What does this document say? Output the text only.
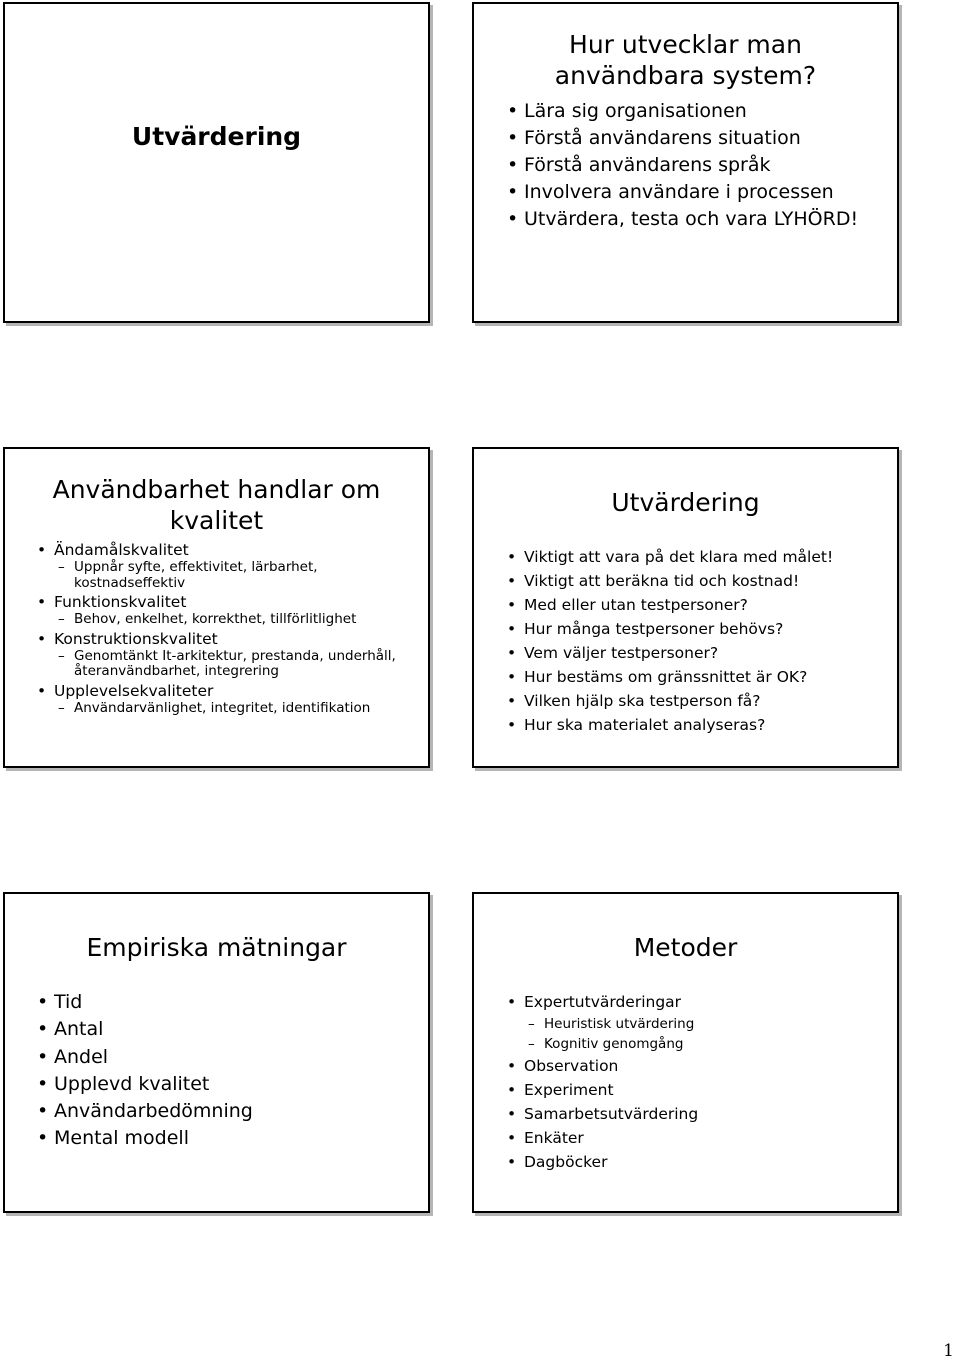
Utvärdering
Hur utvecklar man användbara system?
• Lära sig organisationen
• Förstå användarens situation
• Förstå användarens språk
• Involvera användare i processen
• Utvärdera, testa och vara LYHÖRD!
Användbarhet handlar om kvalitet
• Ändamålskvalitet
– Uppnår syfte, effektivitet, lärbarhet, kostnadseffektiv
• Funktionskvalitet
– Behov, enkelhet, korrekthet, tillförlitlighet
• Konstruktionskvalitet
– Genomtänkt It-arkitektur, prestanda, underhåll, återanvändbarhet, integrering
• Upplevelsekvaliteter
– Användarvänlighet, integritet, identifikation
Utvärdering
• Viktigt att vara på det klara med målet!
• Viktigt att beräkna tid och kostnad!
• Med eller utan testpersoner?
• Hur många testpersoner behövs?
• Vem väljer testpersoner?
• Hur bestäms om gränssnittet är OK?
• Vilken hjälp ska testperson få?
• Hur ska materialet analyseras?
Empiriska mätningar
• Tid
• Antal
• Andel
• Upplevd kvalitet
• Användarbedömning
• Mental modell
Metoder
• Expertutvärderingar
– Heuristisk utvärdering
– Kognitiv genomgång
• Observation
• Experiment
• Samarbetsutvärdering
• Enkäter
• Dagböcker
1
